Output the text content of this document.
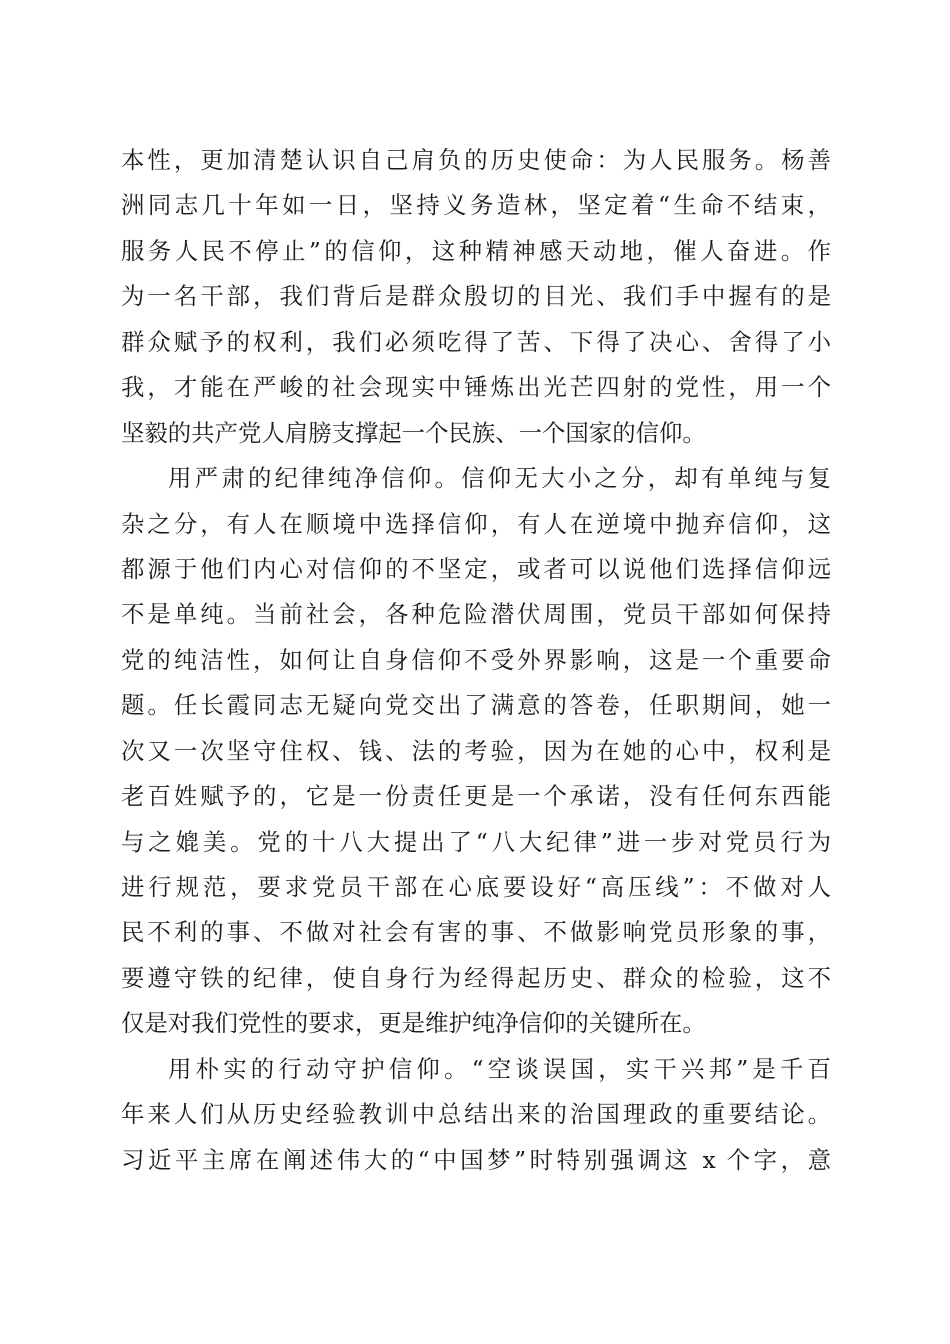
本性，更加清楚认识自己肩负的历史使命：为人民服务。杨善
洲同志几十年如一日，坚持义务造林，坚定着“生命不结束，
服务人民不停止”的信仰，这种精神感天动地，催人奋进。作
为一名干部，我们背后是群众殷切的目光、我们手中握有的是
群众赋予的权利，我们必须吃得了苦、下得了决心、舍得了小
我，才能在严峻的社会现实中锤炼出光芒四射的党性，用一个
坚毅的共产党人肩膀支撑起一个民族、一个国家的信仰。
用严肃的纪律纯净信仰。信仰无大小之分，却有单纯与复
杂之分，有人在顺境中选择信仰，有人在逆境中抛弃信仰，这
都源于他们内心对信仰的不坚定，或者可以说他们选择信仰远
不是单纯。当前社会，各种危险潜伏周围，党员干部如何保持
党的纯洁性，如何让自身信仰不受外界影响，这是一个重要命
题。任长霞同志无疑向党交出了满意的答卷，任职期间，她一
次又一次坚守住权、钱、法的考验，因为在她的心中，权利是
老百姓赋予的，它是一份责任更是一个承诺，没有任何东西能
与之媲美。党的十八大提出了“八大纪律”进一步对党员行为
进行规范，要求党员干部在心底要设好“高压线”：不做对人
民不利的事、不做对社会有害的事、不做影响党员形象的事，
要遵守铁的纪律，使自身行为经得起历史、群众的检验，这不
仅是对我们党性的要求，更是维护纯净信仰的关键所在。
用朴实的行动守护信仰。“空谈误国，实干兴邦”是千百
年来人们从历史经验教训中总结出来的治国理政的重要结论。
习近平主席在阐述伟大的“中国梦”时特别强调这 x 个字，意
